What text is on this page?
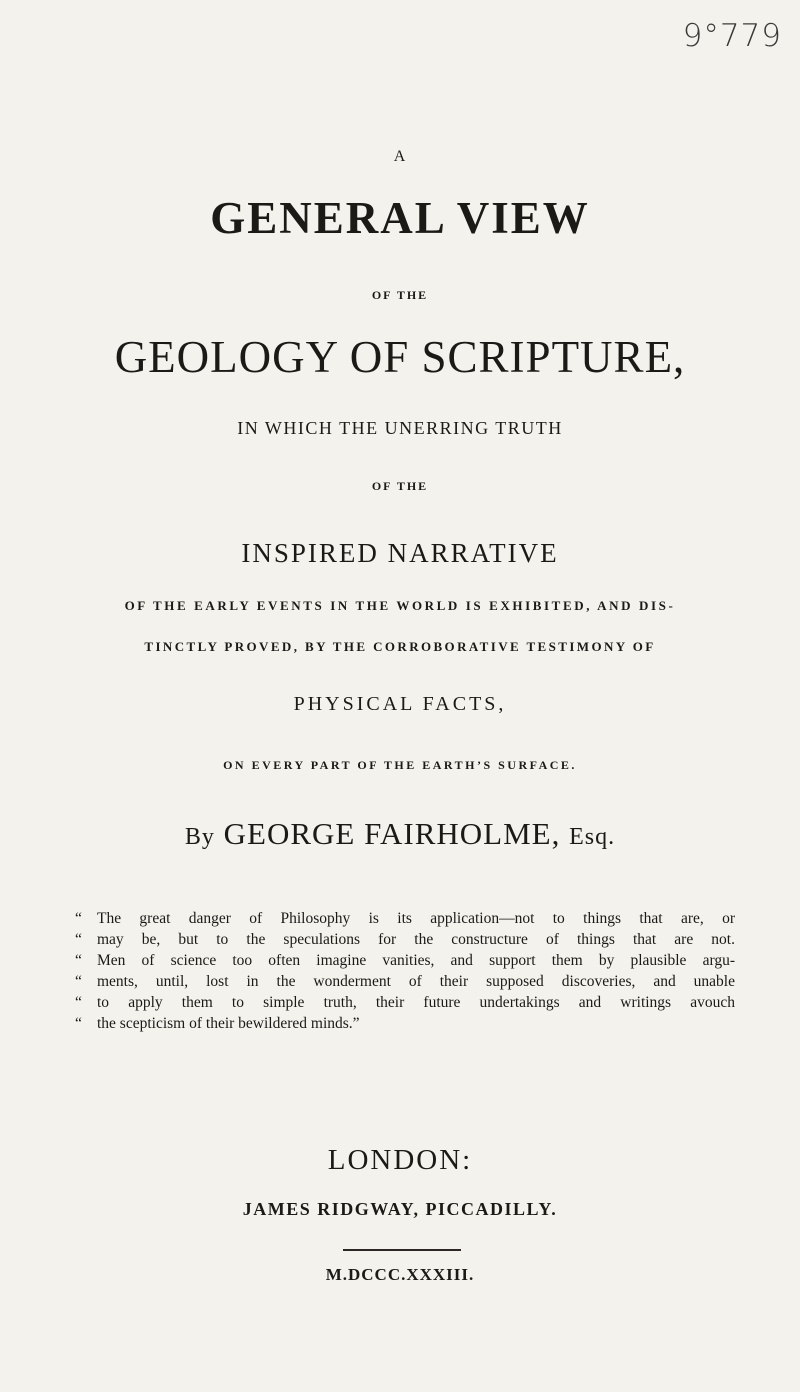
9°779
A
GENERAL VIEW
OF THE
GEOLOGY OF SCRIPTURE,
IN WHICH THE UNERRING TRUTH
OF THE
INSPIRED NARRATIVE
OF THE EARLY EVENTS IN THE WORLD IS EXHIBITED, AND DIS-
TINCTLY PROVED, BY THE CORROBORATIVE TESTIMONY OF
PHYSICAL FACTS,
ON EVERY PART OF THE EARTH’S SURFACE.
By GEORGE FAIRHOLME, Esq.
“ The great danger of Philosophy is its application—not to things that are, or
“ may be, but to the speculations for the constructure of things that are not.
“ Men of science too often imagine vanities, and support them by plausible argu-
“ ments, until, lost in the wonderment of their supposed discoveries, and unable
“ to apply them to simple truth, their future undertakings and writings avouch
“ the scepticism of their bewildered minds.”
LONDON:
JAMES RIDGWAY, PICCADILLY.
M.DCCC.XXXIII.
